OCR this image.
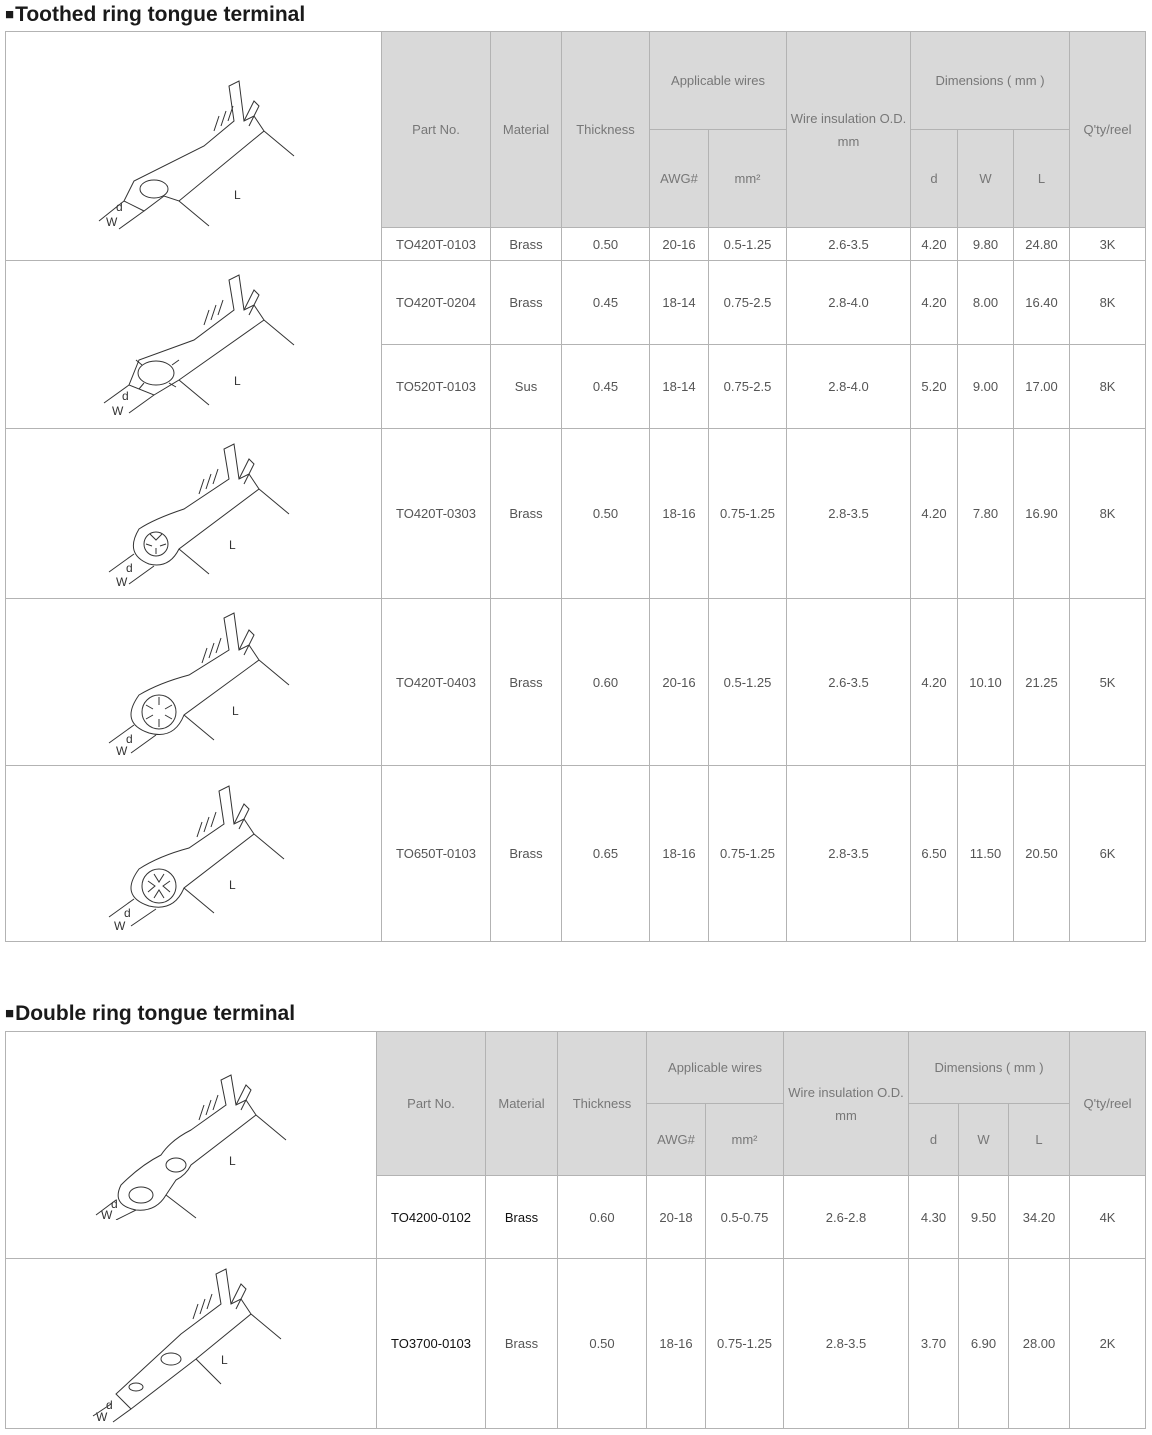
■Toothed ring tongue terminal
L
d
W	Part No.	Material	Thickness	Applicable wires		Wire insulation O.D. mm	Dimensions ( mm )			Q'ty/reel
				AWG#	mm²		d	W	L	
	TO420T-0103	Brass	0.50	20-16	0.5-1.25	2.6-3.5	4.20	9.80	24.80	3K

L
d
W	TO420T-0204	Brass	0.45	18-14	0.75-2.5	2.8-4.0	4.20	8.00	16.40	8K
	TO520T-0103	Sus	0.45	18-14	0.75-2.5	2.8-4.0	5.20	9.00	17.00	8K

L
d
W	TO420T-0303	Brass	0.50	18-16	0.75-1.25	2.8-3.5	4.20	7.80	16.90	8K

L
d
W	TO420T-0403	Brass	0.60	20-16	0.5-1.25	2.6-3.5	4.20	10.10	21.25	5K

L
d
W	TO650T-0103	Brass	0.65	18-16	0.75-1.25	2.8-3.5	6.50	11.50	20.50	6K
■Double ring tongue terminal
L
d
W	Part No.	Material	Thickness	Applicable wires		Wire insulation O.D. mm	Dimensions ( mm )			Q'ty/reel
				AWG#	mm²		d	W	L	
	TO4200-0102	Brass	0.60	20-18	0.5-0.75	2.6-2.8	4.30	9.50	34.20	4K

L
d
W	TO3700-0103	Brass	0.50	18-16	0.75-1.25	2.8-3.5	3.70	6.90	28.00	2K
